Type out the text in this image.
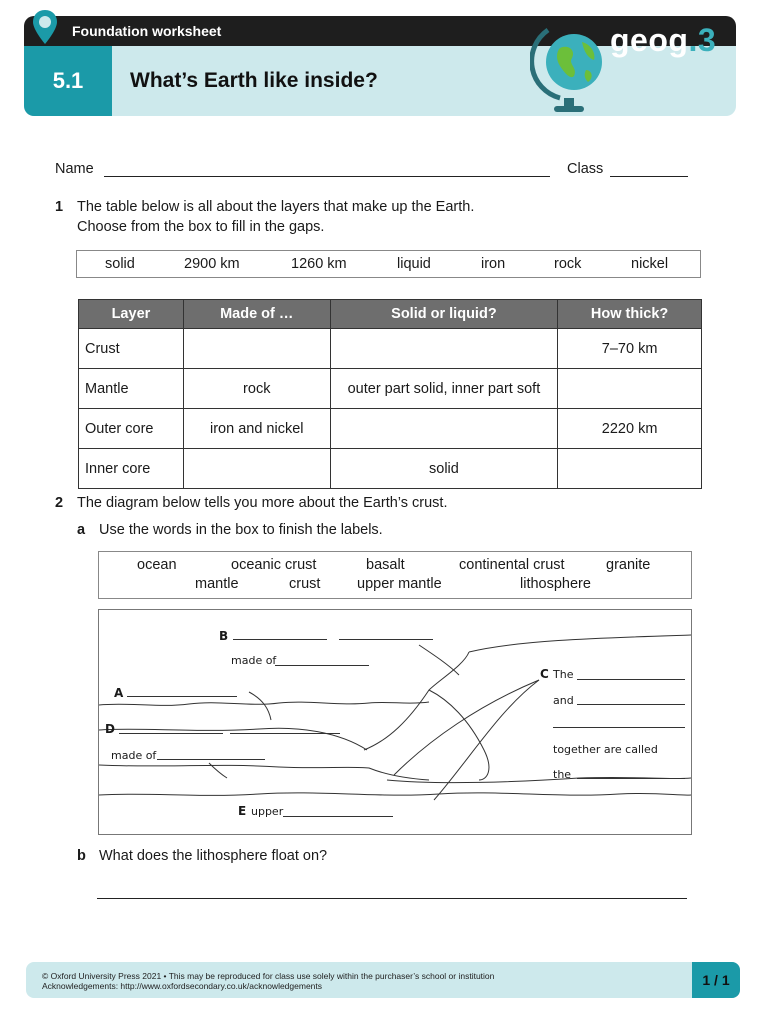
5.1
Foundation worksheet
What’s Earth like inside?
geog.3
Name	Class
1 The table below is all about the layers that make up the Earth.
Choose from the box to fill in the gaps.
solid	2900 km	1260 km	liquid	iron	rock	nickel
Layer	Made of …	Solid or liquid?	How thick?
Crust			7–70 km
Mantle	rock	outer part solid, inner part soft	
Outer core	iron and nickel		2220 km
Inner core		solid	
2 The diagram below tells you more about the Earth’s crust.
a Use the words in the box to finish the labels.
ocean	oceanic crust	basalt	continental crust	granite
mantle	crust	upper mantle	lithosphere
B
made of
A
D
made of
E upper
C The
and
together are called
the
b What does the lithosphere float on?
© Oxford University Press 2021 • This may be reproduced for class use solely within the purchaser’s school or institution
Acknowledgements: http://www.oxfordsecondary.co.uk/acknowledgements	1 / 1
